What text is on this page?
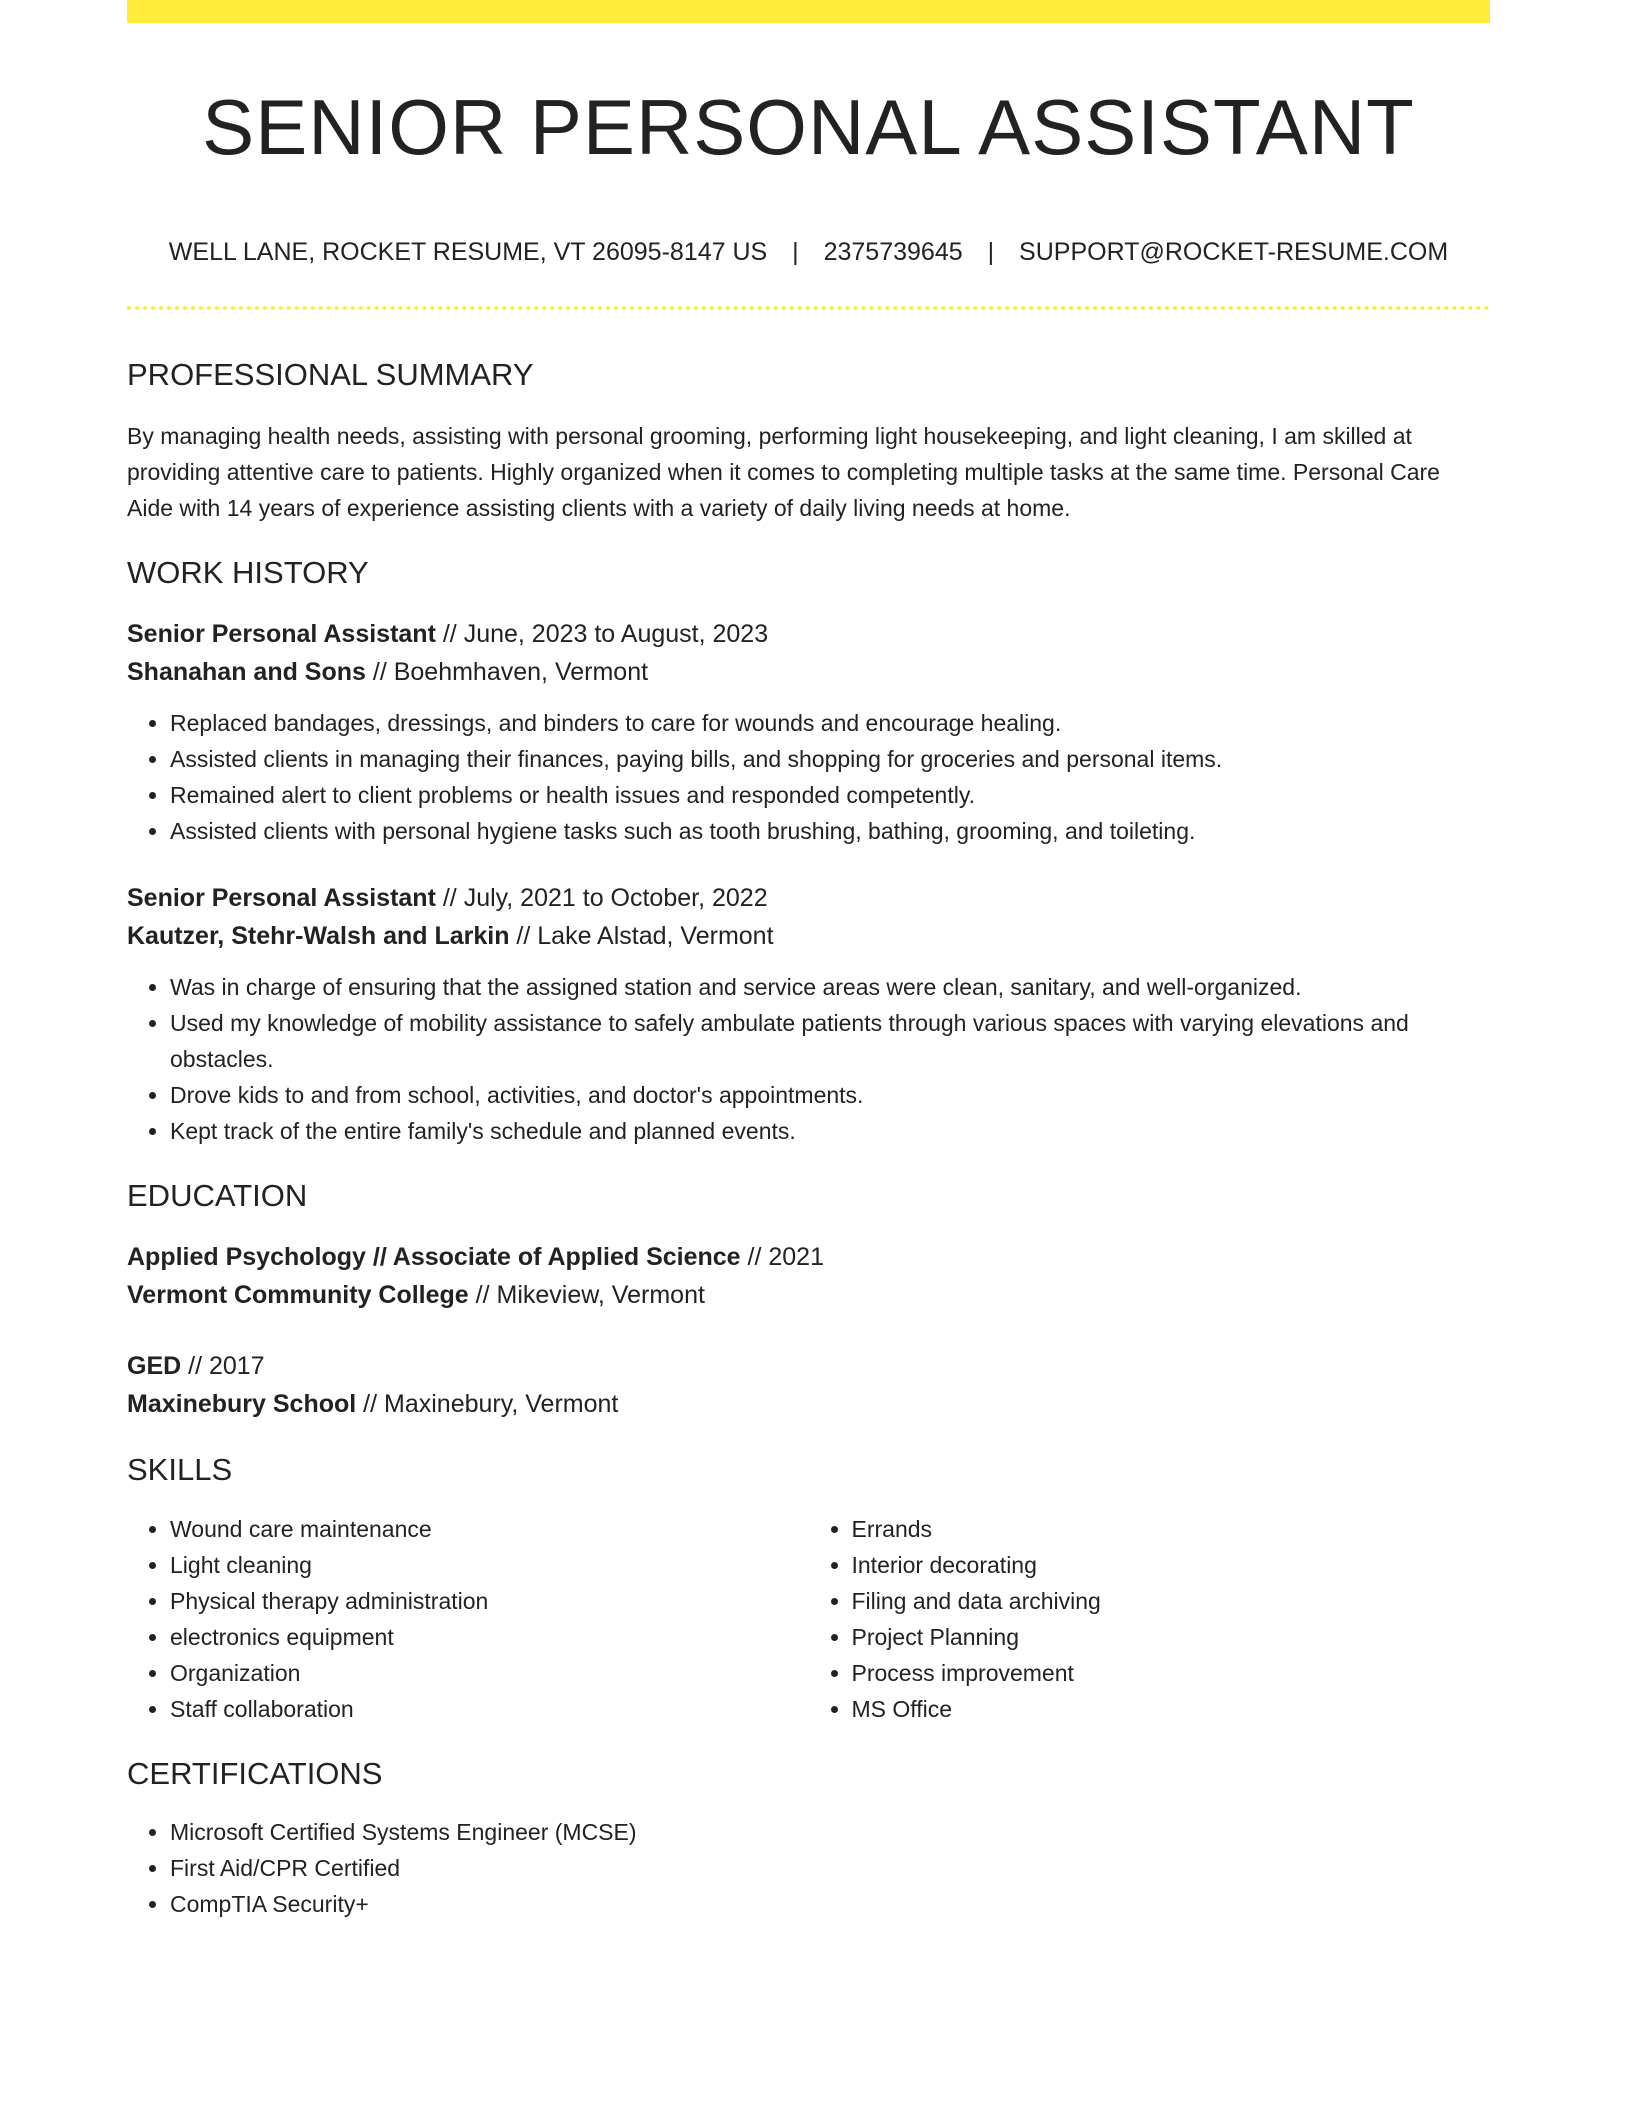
SENIOR PERSONAL ASSISTANT
WELL LANE, ROCKET RESUME, VT 26095-8147 US | 2375739645 | SUPPORT@ROCKET-RESUME.COM
PROFESSIONAL SUMMARY

By managing health needs, assisting with personal grooming, performing light housekeeping, and light cleaning, I am skilled at providing attentive care to patients. Highly organized when it comes to completing multiple tasks at the same time. Personal Care Aide with 14 years of experience assisting clients with a variety of daily living needs at home.

WORK HISTORY
Senior Personal Assistant // June, 2023 to August, 2023
Shanahan and Sons // Boehmhaven, Vermont
• Replaced bandages, dressings, and binders to care for wounds and encourage healing.
• Assisted clients in managing their finances, paying bills, and shopping for groceries and personal items.
• Remained alert to client problems or health issues and responded competently.
• Assisted clients with personal hygiene tasks such as tooth brushing, bathing, grooming, and toileting.
Senior Personal Assistant // July, 2021 to October, 2022
Kautzer, Stehr-Walsh and Larkin // Lake Alstad, Vermont
• Was in charge of ensuring that the assigned station and service areas were clean, sanitary, and well-organized.
• Used my knowledge of mobility assistance to safely ambulate patients through various spaces with varying elevations and obstacles.
• Drove kids to and from school, activities, and doctor's appointments.
• Kept track of the entire family's schedule and planned events.
EDUCATION
Applied Psychology // Associate of Applied Science // 2021
Vermont Community College // Mikeview, Vermont
GED // 2017
Maxinebury School // Maxinebury, Vermont
SKILLS
• Wound care maintenance
• Light cleaning
• Physical therapy administration
• electronics equipment
• Organization
• Staff collaboration
• Errands
• Interior decorating
• Filing and data archiving
• Project Planning
• Process improvement
• MS Office
CERTIFICATIONS
• Microsoft Certified Systems Engineer (MCSE)
• First Aid/CPR Certified
• CompTIA Security+
